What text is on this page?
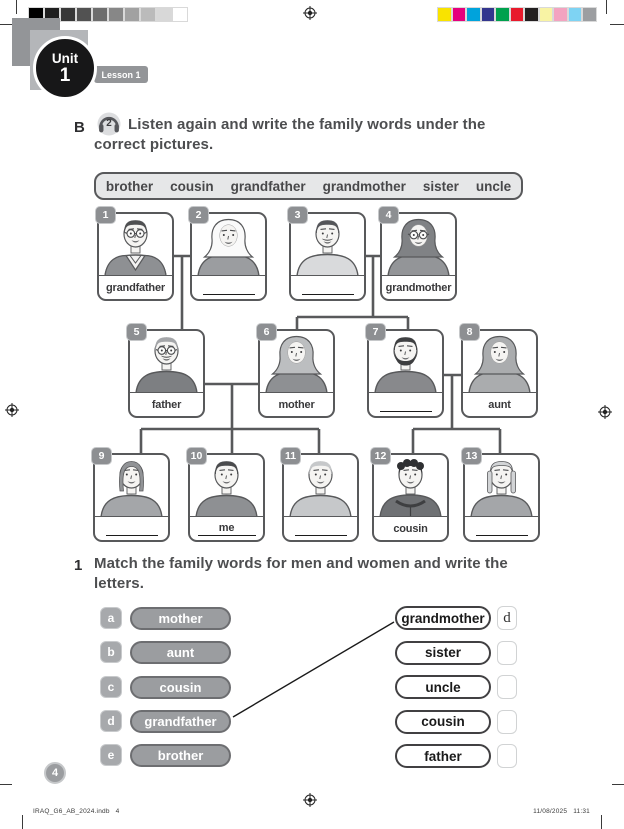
Lesson 1
Unit
1
B 2	Listen again and write the family words under the correct pictures.

brother cousin grandfather grandmother sister uncle
1
grandfather
2	3	4
grandmother
5
father
6
mother
7	8
aunt
9	10
me
11	12
cousin
13
1 Match the family words for men and women and write the letters.

a	mother
b	aunt
c	cousin
d	grandfather
e	brother
grandmother	d
sister
uncle
cousin
father
4
IRAQ_G6_AB_2024.indb   4	11/08/2025   11:31
